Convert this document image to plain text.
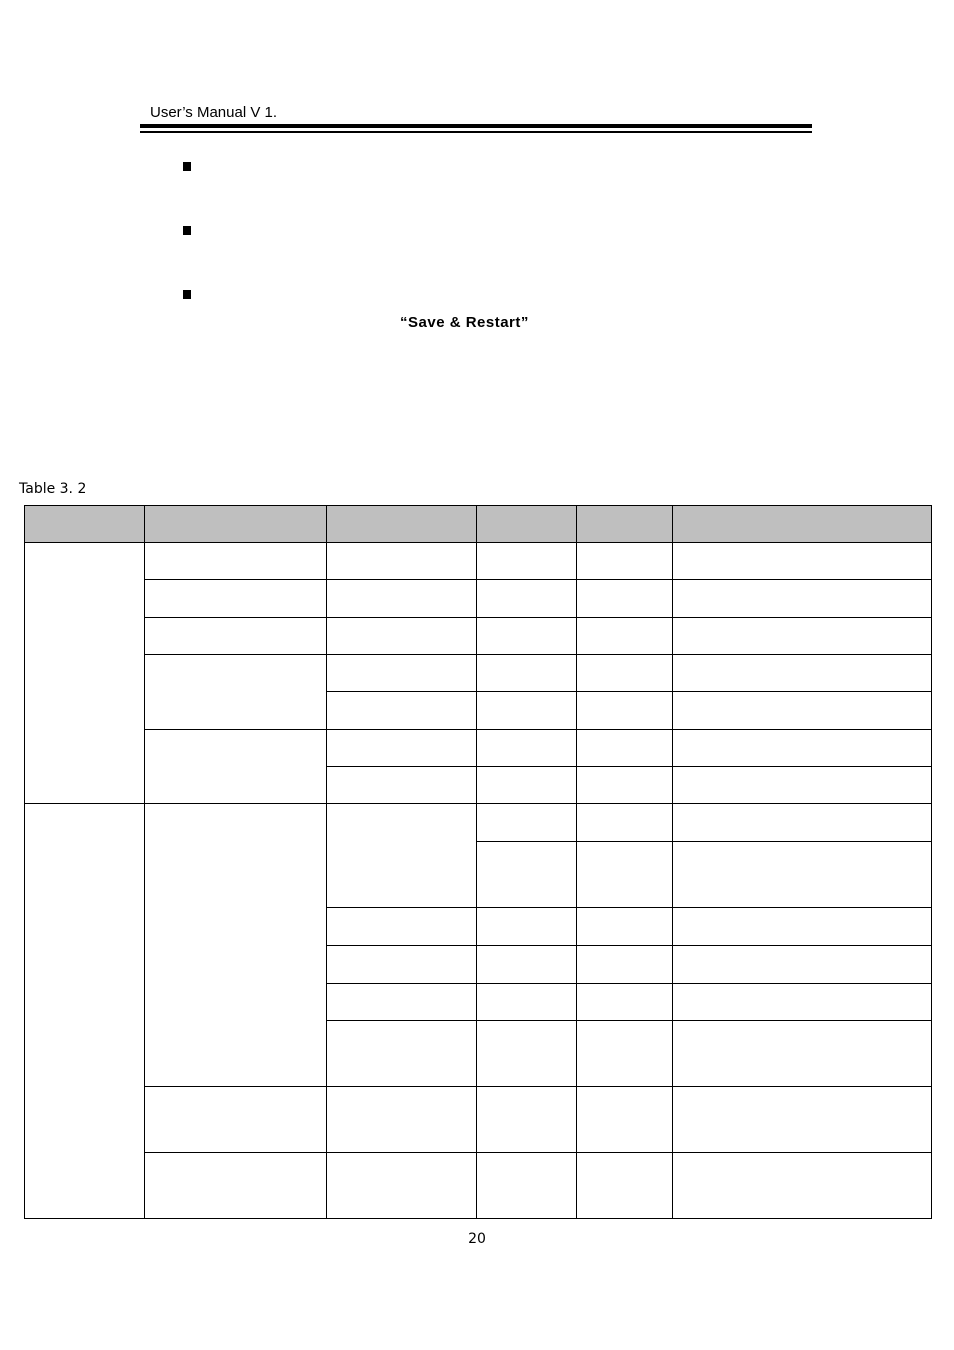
User’s Manual V 1.
“Save & Restart”
Table 3. 2

20
